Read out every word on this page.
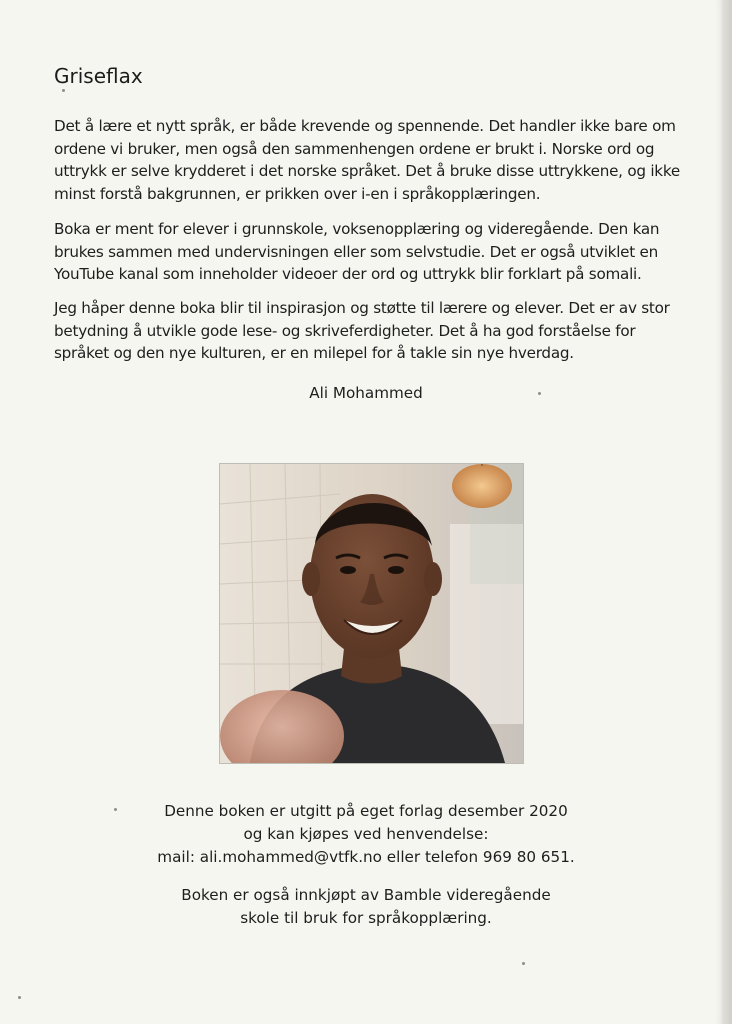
Griseflax

Det å lære et nytt språk, er både krevende og spennende. Det handler ikke bare om
ordene vi bruker, men også den sammenhengen ordene er brukt i. Norske ord og
uttrykk er selve krydderet i det norske språket. Det å bruke disse uttrykkene, og ikke
minst forstå bakgrunnen, er prikken over i-en i språkopplæringen.

Boka er ment for elever i grunnskole, voksenopplæring og videregående. Den kan
brukes sammen med undervisningen eller som selvstudie. Det er også utviklet en
YouTube kanal som inneholder videoer der ord og uttrykk blir forklart på somali.

Jeg håper denne boka blir til inspirasjon og støtte til lærere og elever. Det er av stor
betydning å utvikle gode lese- og skriveferdigheter. Det å ha god forståelse for
språket og den nye kulturen, er en milepel for å takle sin nye hverdag.

Ali Mohammed

Denne boken er utgitt på eget forlag desember 2020
og kan kjøpes ved henvendelse:
mail: ali.mohammed@vtfk.no eller telefon 969 80 651.

Boken er også innkjøpt av Bamble videregående
skole til bruk for språkopplæring.
